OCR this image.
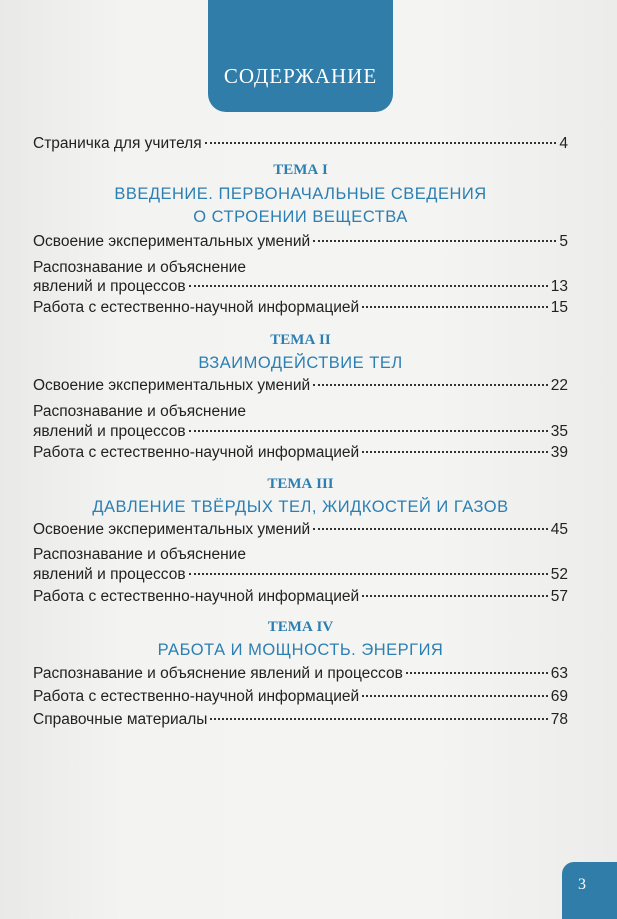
СОДЕРЖАНИЕ
Страничка для учителя	4
ТЕМА I
ВВЕДЕНИЕ. ПЕРВОНАЧАЛЬНЫЕ СВЕДЕНИЯ
О СТРОЕНИИ ВЕЩЕСТВА
Освоение экспериментальных умений	5
Распознавание и объяснение
явлений и процессов	13
Работа с естественно-научной информацией	15
ТЕМА II
ВЗАИМОДЕЙСТВИЕ ТЕЛ
Освоение экспериментальных умений	22
Распознавание и объяснение
явлений и процессов	35
Работа с естественно-научной информацией	39
ТЕМА III
ДАВЛЕНИЕ ТВЁРДЫХ ТЕЛ, ЖИДКОСТЕЙ И ГАЗОВ
Освоение экспериментальных умений	45
Распознавание и объяснение
явлений и процессов	52
Работа с естественно-научной информацией	57
ТЕМА IV
РАБОТА И МОЩНОСТЬ. ЭНЕРГИЯ
Распознавание и объяснение явлений и процессов	63
Работа с естественно-научной информацией	69
Справочные материалы	78
3
